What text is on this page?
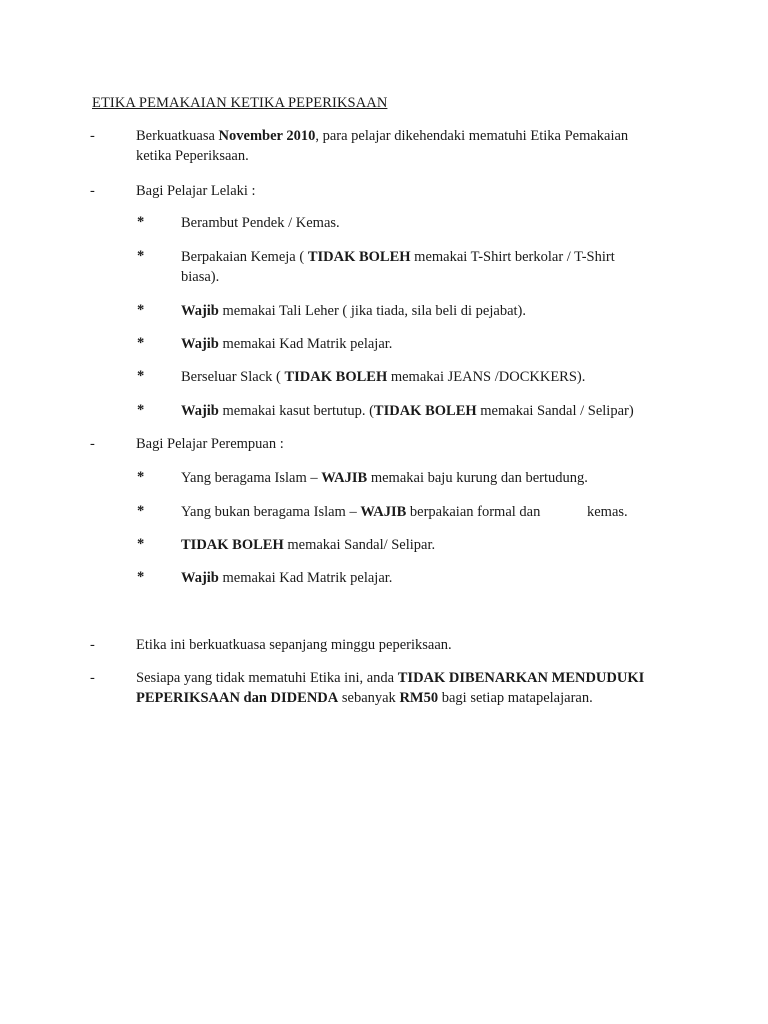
ETIKA PEMAKAIAN KETIKA PEPERIKSAAN
-	Berkuatkuasa November 2010, para pelajar dikehendaki mematuhi Etika Pemakaian
ketika Peperiksaan.
-	Bagi Pelajar Lelaki :
*	Berambut Pendek / Kemas.
*	Berpakaian Kemeja ( TIDAK BOLEH memakai T-Shirt berkolar / T-Shirt
biasa).
*	Wajib memakai Tali Leher ( jika tiada, sila beli di pejabat).
*	Wajib memakai Kad Matrik pelajar.
*	Berseluar Slack ( TIDAK BOLEH memakai JEANS /DOCKKERS).
*	Wajib memakai kasut bertutup. (TIDAK BOLEH memakai Sandal / Selipar)
-	Bagi Pelajar Perempuan :
*	Yang beragama Islam – WAJIB memakai baju kurung dan bertudung.
*	Yang bukan beragama Islam – WAJIB berpakaian formal dan	kemas.
*	TIDAK BOLEH memakai Sandal/ Selipar.
*	Wajib memakai Kad Matrik pelajar.
-	Etika ini berkuatkuasa sepanjang minggu peperiksaan.
-	Sesiapa yang tidak mematuhi Etika ini, anda TIDAK DIBENARKAN MENDUDUKI
PEPERIKSAAN dan DIDENDA sebanyak RM50 bagi setiap matapelajaran.
